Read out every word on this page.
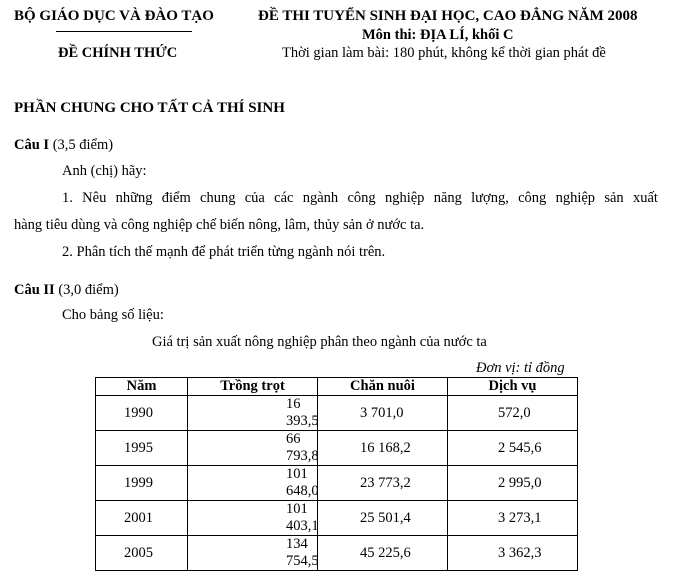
BỘ GIÁO DỤC VÀ ĐÀO TẠO	ĐỀ THI TUYỂN SINH ĐẠI HỌC, CAO ĐẲNG NĂM 2008
Môn thi: ĐỊA LÍ, khối C
ĐỀ CHÍNH THỨC	Thời gian làm bài: 180 phút, không kể thời gian phát đề
PHẦN CHUNG CHO TẤT CẢ THÍ SINH
Câu I (3,5 điểm)
Anh (chị) hãy:
1. Nêu những điểm chung của các ngành công nghiệp năng lượng, công nghiệp sản xuất
hàng tiêu dùng và công nghiệp chế biến nông, lâm, thủy sản ở nước ta.
2. Phân tích thế mạnh để phát triển từng ngành nói trên.
Câu II (3,0 điểm)
Cho bảng số liệu:
Giá trị sản xuất nông nghiệp phân theo ngành của nước ta
Đơn vị: tỉ đồng
Năm	Trồng trọt	Chăn nuôi	Dịch vụ
1990	16 393,5	3 701,0	572,0
1995	66 793,8	16 168,2	2 545,6
1999	101 648,0	23 773,2	2 995,0
2001	101 403,1	25 501,4	3 273,1
2005	134 754,5	45 225,6	3 362,3
